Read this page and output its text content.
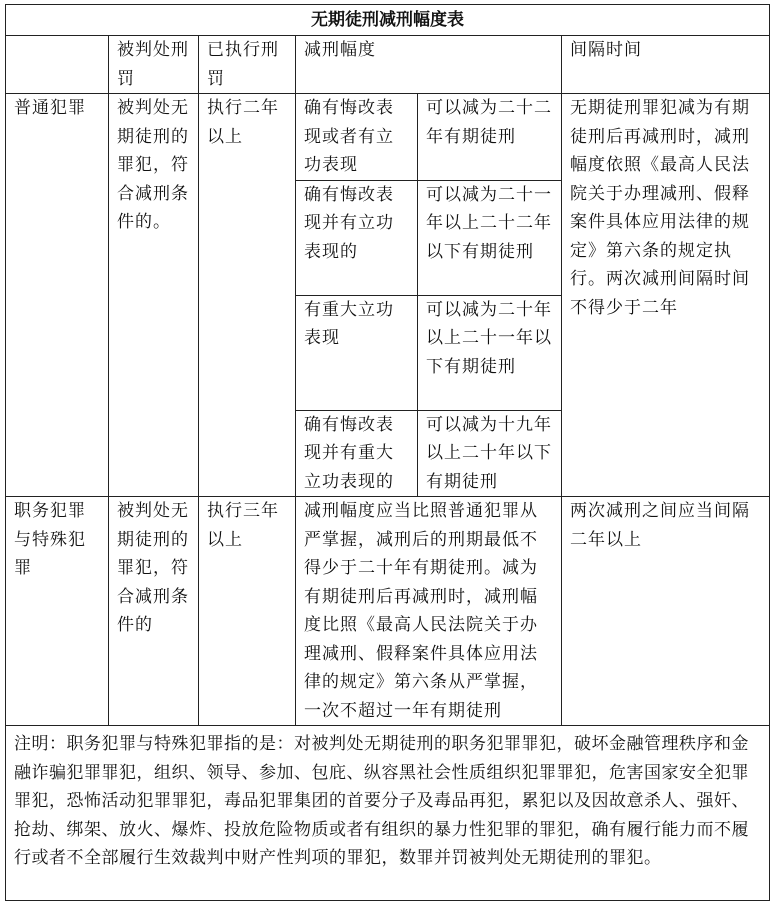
无期徒刑减刑幅度表					
	被判处刑罚	已执行刑罚	减刑幅度		间隔时间
普通犯罪	被判处无期徒刑的罪犯，符合减刑条件的。	执行二年以上	确有悔改表现或者有立功表现	可以减为二十二年有期徒刑	无期徒刑罪犯减为有期徒刑后再减刑时，减刑幅度依照《最高人民法院关于办理减刑、假释案件具体应用法律的规定》第六条的规定执行。两次减刑间隔时间不得少于二年
			确有悔改表现并有立功表现的	可以减为二十一年以上二十二年以下有期徒刑	
			有重大立功表现	可以减为二十年以上二十一年以下有期徒刑	
			确有悔改表现并有重大立功表现的	可以减为十九年以上二十年以下有期徒刑	
职务犯罪与特殊犯罪	被判处无期徒刑的罪犯，符合减刑条件的	执行三年以上	减刑幅度应当比照普通犯罪从严掌握，减刑后的刑期最低不得少于二十年有期徒刑。减为有期徒刑后再减刑时，减刑幅度比照《最高人民法院关于办理减刑、假释案件具体应用法律的规定》第六条从严掌握，一次不超过一年有期徒刑		两次减刑之间应当间隔二年以上
注明：职务犯罪与特殊犯罪指的是：对被判处无期徒刑的职务犯罪罪犯，破坏金融管理秩序和金融诈骗犯罪罪犯，组织、领导、参加、包庇、纵容黑社会性质组织犯罪罪犯，危害国家安全犯罪罪犯，恐怖活动犯罪罪犯，毒品犯罪集团的首要分子及毒品再犯，累犯以及因故意杀人、强奸、抢劫、绑架、放火、爆炸、投放危险物质或者有组织的暴力性犯罪的罪犯，确有履行能力而不履行或者不全部履行生效裁判中财产性判项的罪犯，数罪并罚被判处无期徒刑的罪犯。					
